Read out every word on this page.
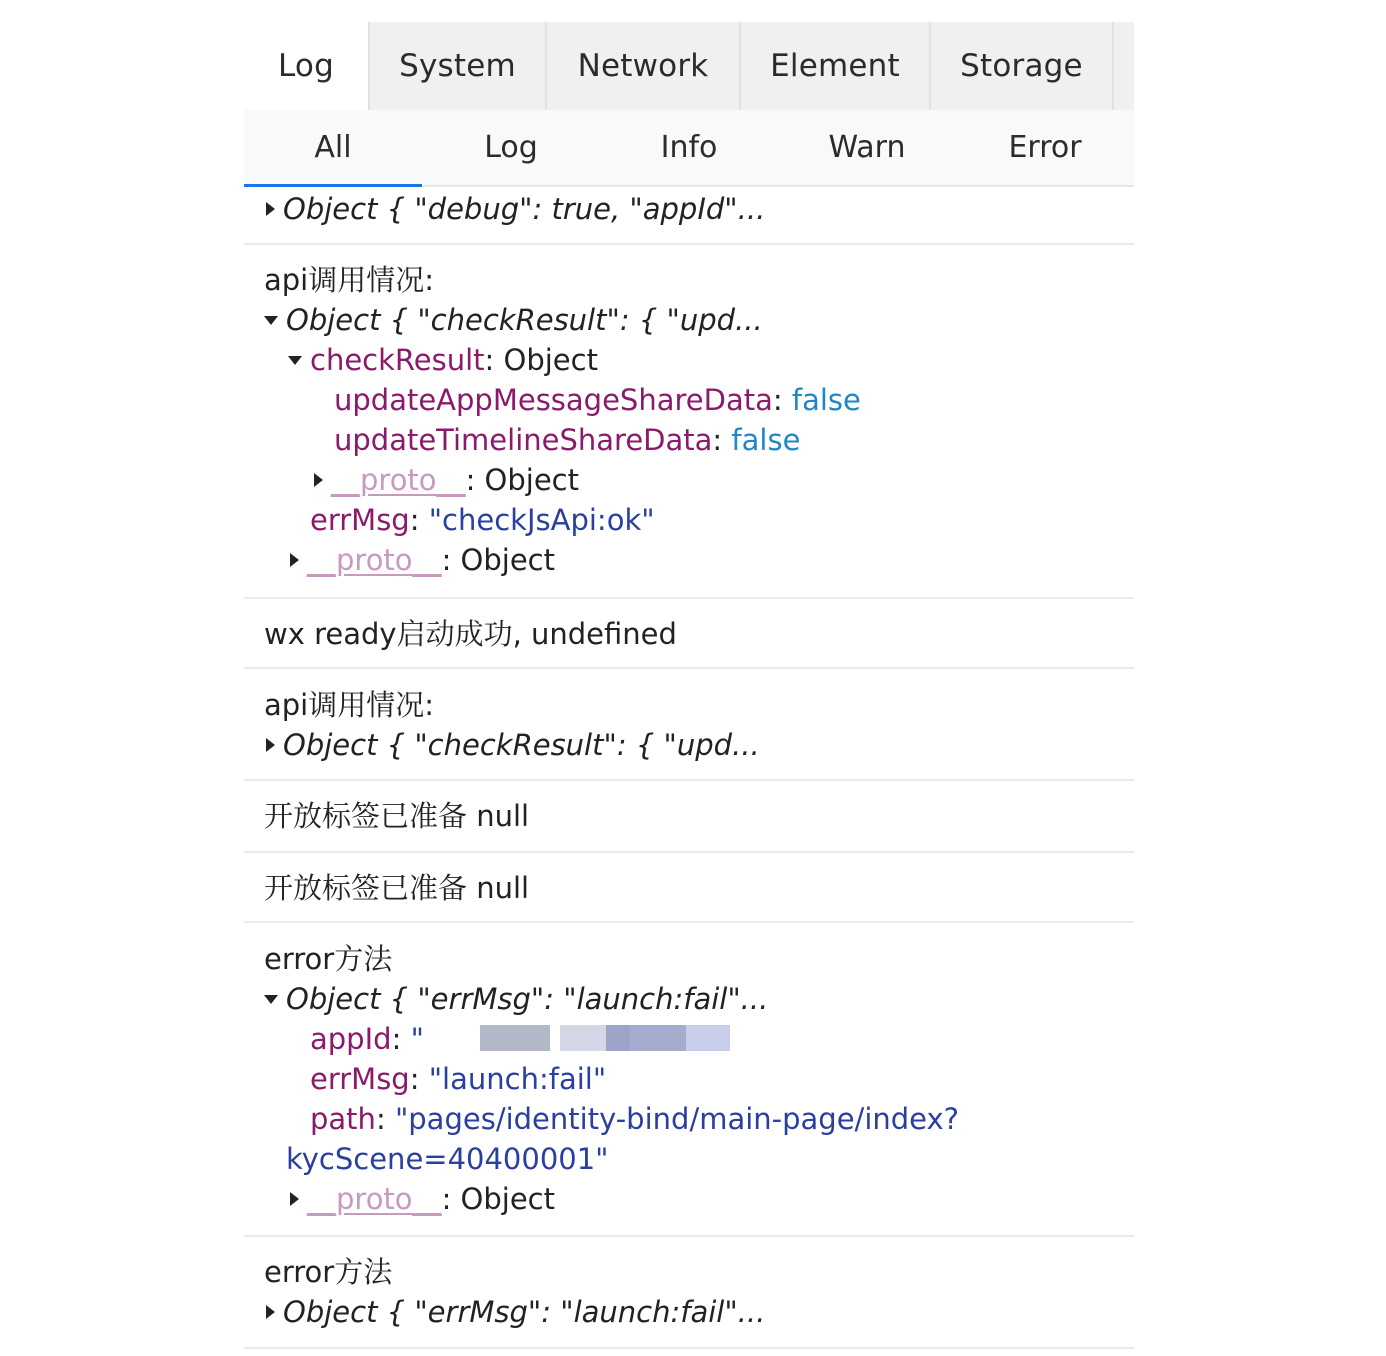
Log	System	Network	Element	Storage
All	Log	Info	Warn	Error
Object { "debug": true, "appId"...
api调用情况:
Object { "checkResult": { "upd...
checkResult: Object
updateAppMessageShareData: false
updateTimelineShareData: false
__proto__: Object
errMsg: "checkJsApi:ok"
__proto__: Object
wx ready启动成功, undefined
api调用情况:
Object { "checkResult": { "upd...
开放标签已准备 null
开放标签已准备 null
error方法
Object { "errMsg": "launch:fail"...
appId: "
errMsg: "launch:fail"
path: "pages/identity-bind/main-page/index?
kycScene=40400001"
__proto__: Object
error方法
Object { "errMsg": "launch:fail"...
